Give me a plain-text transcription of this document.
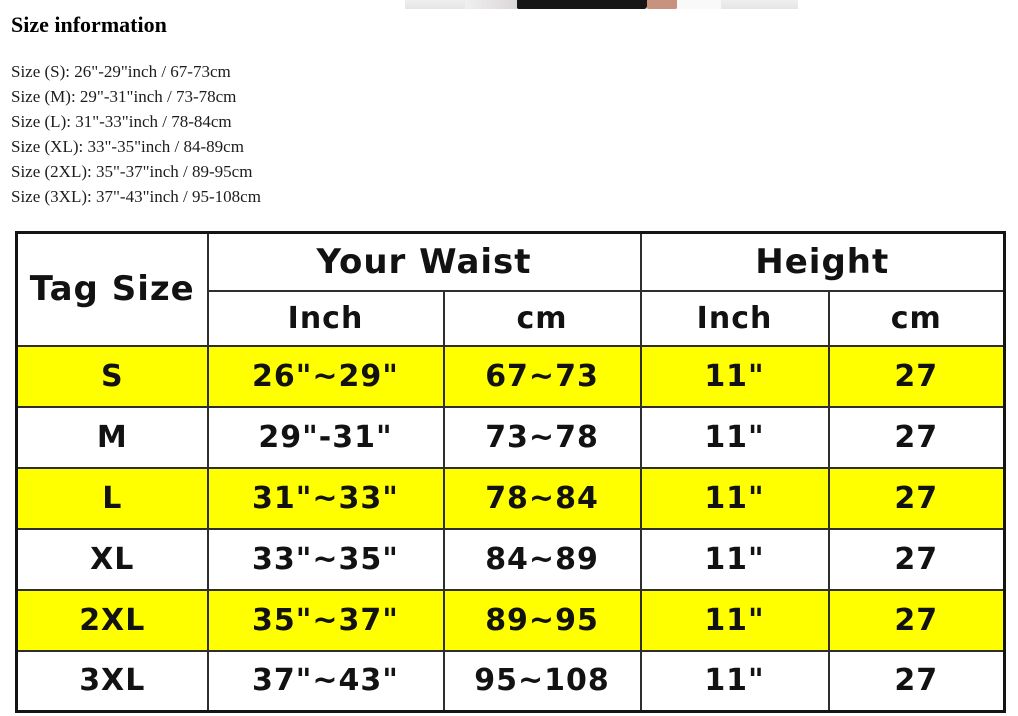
Size information

Size (S): 26"-29"inch / 67-73cm

Size (M): 29"-31"inch / 73-78cm

Size (L): 31"-33"inch / 78-84cm

Size (XL): 33"-35"inch / 84-89cm

Size (2XL): 35"-37"inch / 89-95cm

Size (3XL): 37"-43"inch / 95-108cm

Tag Size	Your Waist		Height	
	Inch	cm	Inch	cm
S	26"~29"	67~73	11"	27
M	29"-31"	73~78	11"	27
L	31"~33"	78~84	11"	27
XL	33"~35"	84~89	11"	27
2XL	35"~37"	89~95	11"	27
3XL	37"~43"	95~108	11"	27
